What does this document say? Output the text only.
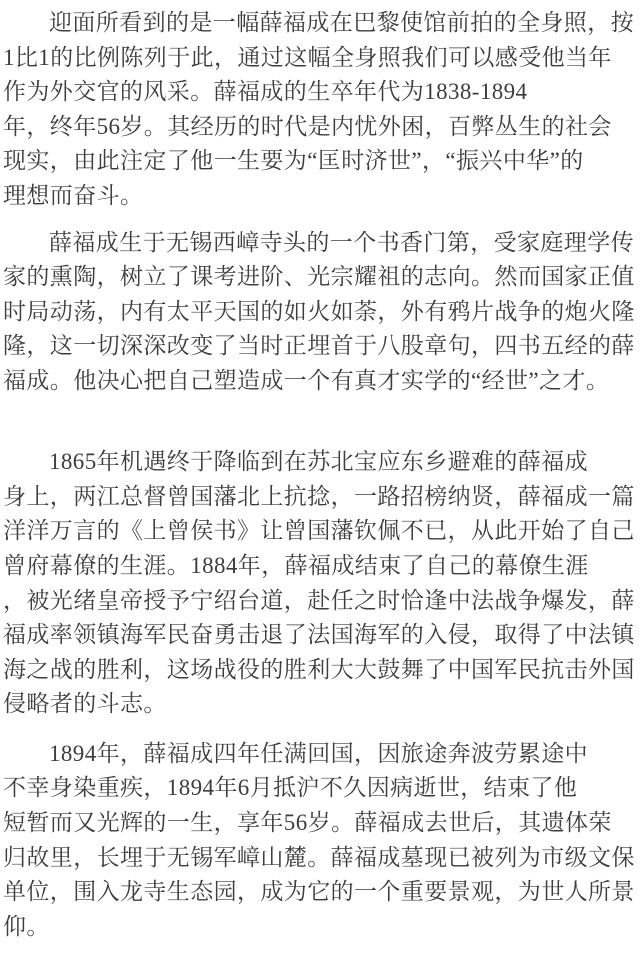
迎面所看到的是一幅薛福成在巴黎使馆前拍的全身照，按
1比1的比例陈列于此，通过这幅全身照我们可以感受他当年
作为外交官的风采。薛福成的生卒年代为1838-1894
年，终年56岁。其经历的时代是内忧外困，百弊丛生的社会
现实，由此注定了他一生要为“匡时济世”，“振兴中华”的
理想而奋斗。
薛福成生于无锡西嶂寺头的一个书香门第，受家庭理学传
家的熏陶，树立了课考进阶、光宗耀祖的志向。然而国家正值
时局动荡，内有太平天国的如火如荼，外有鸦片战争的炮火隆
隆，这一切深深改变了当时正埋首于八股章句，四书五经的薛
福成。他决心把自己塑造成一个有真才实学的“经世”之才。
1865年机遇终于降临到在苏北宝应东乡避难的薛福成
身上，两江总督曾国藩北上抗捻，一路招榜纳贤，薛福成一篇
洋洋万言的《上曾侯书》让曾国藩钦佩不已，从此开始了自己
曾府幕僚的生涯。1884年，薛福成结束了自己的幕僚生涯
，被光绪皇帝授予宁绍台道，赴任之时恰逢中法战争爆发，薛
福成率领镇海军民奋勇击退了法国海军的入侵，取得了中法镇
海之战的胜利，这场战役的胜利大大鼓舞了中国军民抗击外国
侵略者的斗志。
1894年，薛福成四年任满回国，因旅途奔波劳累途中
不幸身染重疾，1894年6月抵沪不久因病逝世，结束了他
短暂而又光辉的一生，享年56岁。薛福成去世后，其遗体荣
归故里，长埋于无锡军嶂山麓。薛福成墓现已被列为市级文保
单位，围入龙寺生态园，成为它的一个重要景观，为世人所景
仰。
